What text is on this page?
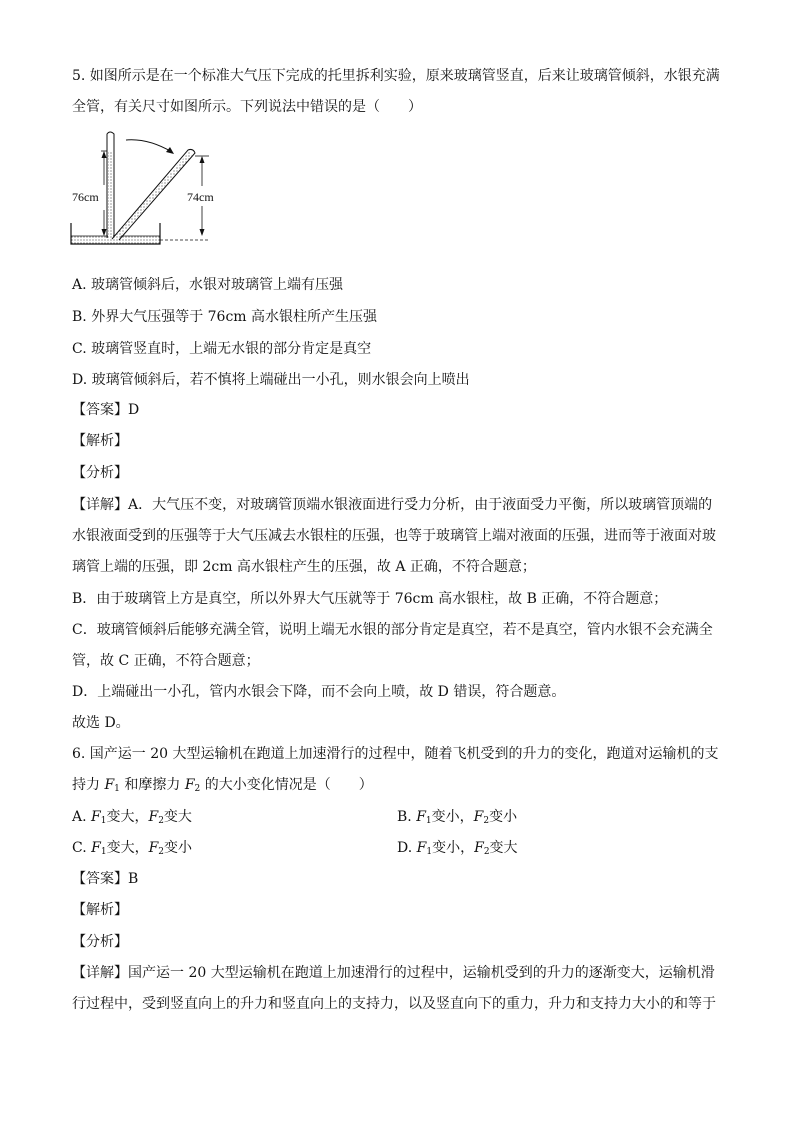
5. 如图所示是在一个标准大气压下完成的托里拆利实验，原来玻璃管竖直，后来让玻璃管倾斜，水银充满
全管，有关尺寸如图所示。下列说法中错误的是（　　）
76cm	74cm
A. 玻璃管倾斜后，水银对玻璃管上端有压强
B. 外界大气压强等于 76cm 高水银柱所产生压强
C. 玻璃管竖直时，上端无水银的部分肯定是真空
D. 玻璃管倾斜后，若不慎将上端碰出一小孔，则水银会向上喷出
【答案】D
【解析】
【分析】
【详解】A．大气压不变，对玻璃管顶端水银液面进行受力分析，由于液面受力平衡，所以玻璃管顶端的
水银液面受到的压强等于大气压减去水银柱的压强，也等于玻璃管上端对液面的压强，进而等于液面对玻
璃管上端的压强，即 2cm 高水银柱产生的压强，故 A 正确，不符合题意；
B．由于玻璃管上方是真空，所以外界大气压就等于 76cm 高水银柱，故 B 正确，不符合题意；
C．玻璃管倾斜后能够充满全管，说明上端无水银的部分肯定是真空，若不是真空，管内水银不会充满全
管，故 C 正确，不符合题意；
D．上端碰出一小孔，管内水银会下降，而不会向上喷，故 D 错误，符合题意。
故选 D。
6. 国产运一 20 大型运输机在跑道上加速滑行的过程中，随着飞机受到的升力的变化，跑道对运输机的支
持力 $F_1$ 和摩擦力 $F_2$ 的大小变化情况是（　　）
A. $F_1$变大，$F_2$变大	B. $F_1$变小，$F_2$变小
C. $F_1$变大，$F_2$变小	D. $F_1$变小，$F_2$变大
【答案】B
【解析】
【分析】
【详解】国产运一 20 大型运输机在跑道上加速滑行的过程中，运输机受到的升力的逐渐变大，运输机滑
行过程中，受到竖直向上的升力和竖直向上的支持力，以及竖直向下的重力，升力和支持力大小的和等于
